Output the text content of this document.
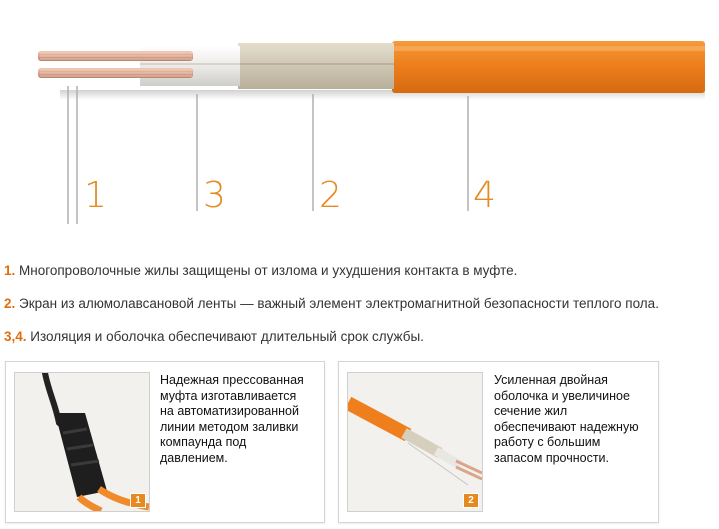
1	3	2	4
1. Многопроволочные жилы защищены от излома и ухудшения контакта в муфте.
2. Экран из алюмолавсановой ленты — важный элемент электромагнитной безопасности теплого пола.
3,4. Изоляция и оболочка обеспечивают длительный срок службы.
1
Надежная прессованная
муфта изготавливается
на автоматизированной
линии методом заливки
компаунда под
давлением.
2
Усиленная двойная
оболочка и увеличиное
сечение жил
обеспечивают надежную
работу с большим
запасом прочности.
